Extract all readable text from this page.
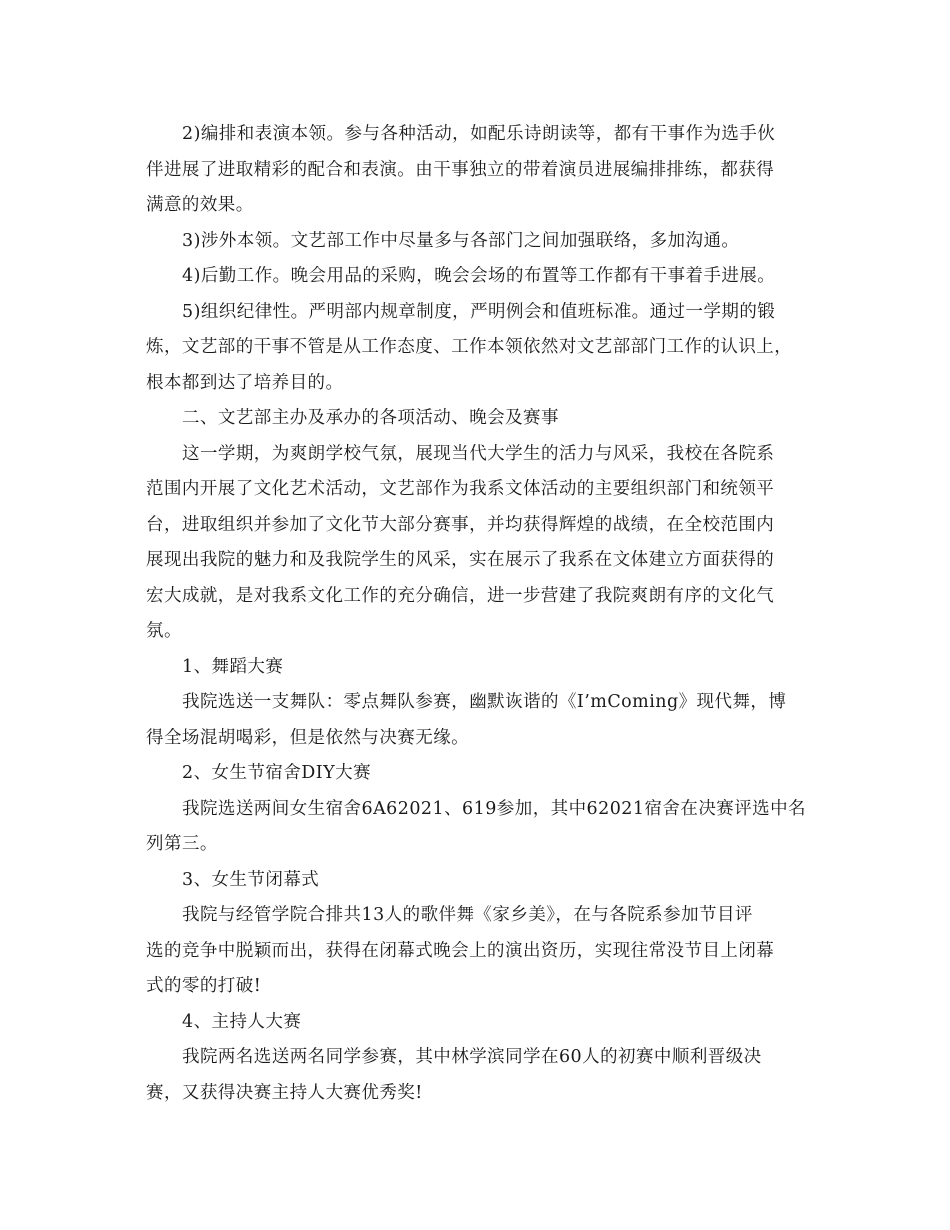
2)编排和表演本领。参与各种活动，如配乐诗朗读等，都有干事作为选手伙
伴进展了进取精彩的配合和表演。由干事独立的带着演员进展编排排练，都获得
满意的效果。
3)涉外本领。文艺部工作中尽量多与各部门之间加强联络，多加沟通。
4)后勤工作。晚会用品的采购，晚会会场的布置等工作都有干事着手进展。
5)组织纪律性。严明部内规章制度，严明例会和值班标准。通过一学期的锻
炼，文艺部的干事不管是从工作态度、工作本领依然对文艺部部门工作的认识上，
根本都到达了培养目的。
二、文艺部主办及承办的各项活动、晚会及赛事
这一学期，为爽朗学校气氛，展现当代大学生的活力与风采，我校在各院系
范围内开展了文化艺术活动，文艺部作为我系文体活动的主要组织部门和统领平
台，进取组织并参加了文化节大部分赛事，并均获得辉煌的战绩，在全校范围内
展现出我院的魅力和及我院学生的风采，实在展示了我系在文体建立方面获得的
宏大成就，是对我系文化工作的充分确信，进一步营建了我院爽朗有序的文化气
氛。
1、舞蹈大赛
我院选送一支舞队：零点舞队参赛，幽默诙谐的《I’mComing》现代舞，博
得全场混胡喝彩，但是依然与决赛无缘。
2、女生节宿舍DIY大赛
我院选送两间女生宿舍6A62021、619参加，其中62021宿舍在决赛评选中名
列第三。
3、女生节闭幕式
我院与经管学院合排共13人的歌伴舞《家乡美》，在与各院系参加节目评
选的竞争中脱颖而出，获得在闭幕式晚会上的演出资历，实现往常没节目上闭幕
式的零的打破!
4、主持人大赛
我院两名选送两名同学参赛，其中林学滨同学在60人的初赛中顺利晋级决
赛，又获得决赛主持人大赛优秀奖!
